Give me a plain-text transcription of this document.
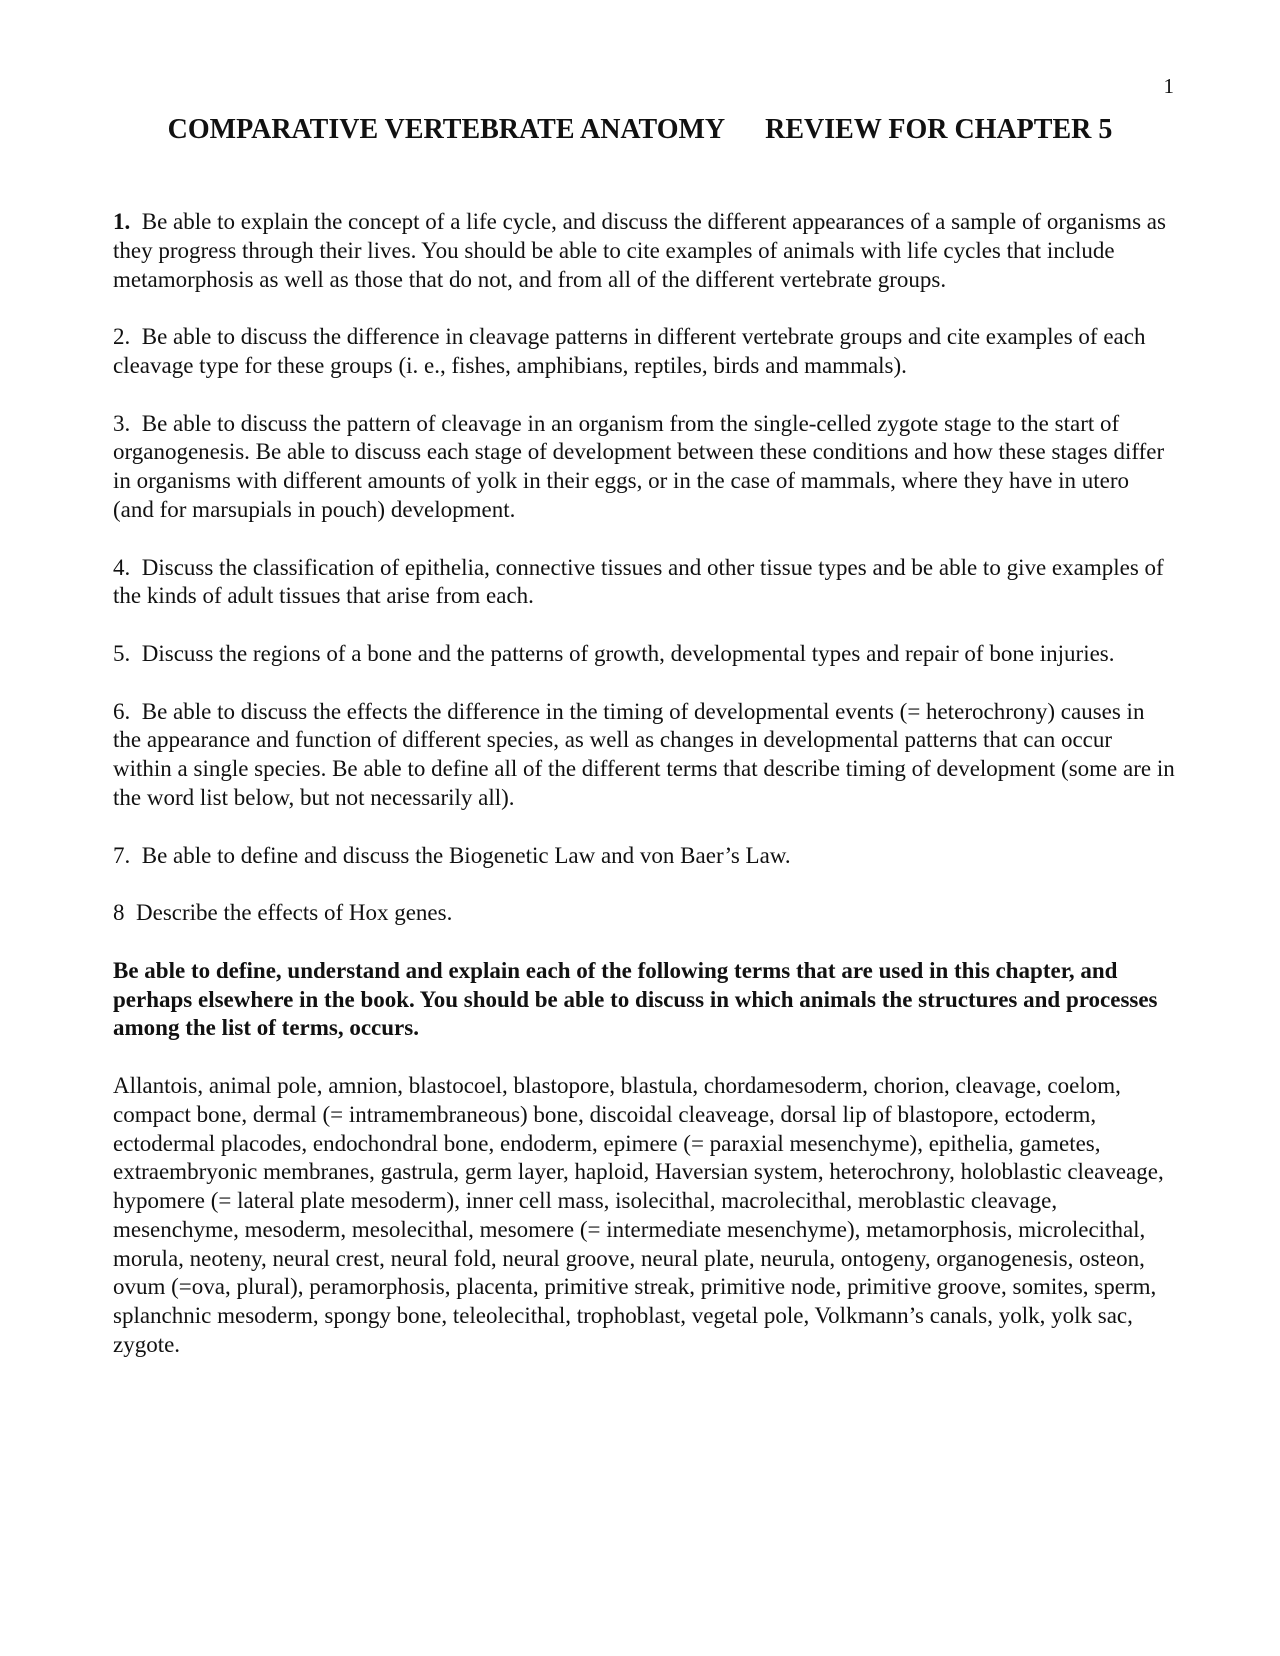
1
COMPARATIVE VERTEBRATE ANATOMY REVIEW FOR CHAPTER 5

1. Be able to explain the concept of a life cycle, and discuss the different appearances of a sample of organisms as they progress through their lives. You should be able to cite examples of animals with life cycles that include metamorphosis as well as those that do not, and from all of the different vertebrate groups.

2. Be able to discuss the difference in cleavage patterns in different vertebrate groups and cite examples of each cleavage type for these groups (i. e., fishes, amphibians, reptiles, birds and mammals).

3. Be able to discuss the pattern of cleavage in an organism from the single-celled zygote stage to the start of organogenesis. Be able to discuss each stage of development between these conditions and how these stages differ in organisms with different amounts of yolk in their eggs, or in the case of mammals, where they have in utero (and for marsupials in pouch) development.

4. Discuss the classification of epithelia, connective tissues and other tissue types and be able to give examples of the kinds of adult tissues that arise from each.

5. Discuss the regions of a bone and the patterns of growth, developmental types and repair of bone injuries.

6. Be able to discuss the effects the difference in the timing of developmental events (= heterochrony) causes in the appearance and function of different species, as well as changes in developmental patterns that can occur within a single species. Be able to define all of the different terms that describe timing of development (some are in the word list below, but not necessarily all).

7. Be able to define and discuss the Biogenetic Law and von Baer’s Law.

8 Describe the effects of Hox genes.

Be able to define, understand and explain each of the following terms that are used in this chapter, and perhaps elsewhere in the book. You should be able to discuss in which animals the structures and processes among the list of terms, occurs.

Allantois, animal pole, amnion, blastocoel, blastopore, blastula, chordamesoderm, chorion, cleavage, coelom, compact bone, dermal (= intramembraneous) bone, discoidal cleaveage, dorsal lip of blastopore, ectoderm, ectodermal placodes, endochondral bone, endoderm, epimere (= paraxial mesenchyme), epithelia, gametes, extraembryonic membranes, gastrula, germ layer, haploid, Haversian system, heterochrony, holoblastic cleaveage, hypomere (= lateral plate mesoderm), inner cell mass, isolecithal, macrolecithal, meroblastic cleavage, mesenchyme, mesoderm, mesolecithal, mesomere (= intermediate mesenchyme), metamorphosis, microlecithal, morula, neoteny, neural crest, neural fold, neural groove, neural plate, neurula, ontogeny, organogenesis, osteon, ovum (=ova, plural), peramorphosis, placenta, primitive streak, primitive node, primitive groove, somites, sperm, splanchnic mesoderm, spongy bone, teleolecithal, trophoblast, vegetal pole, Volkmann’s canals, yolk, yolk sac, zygote.
